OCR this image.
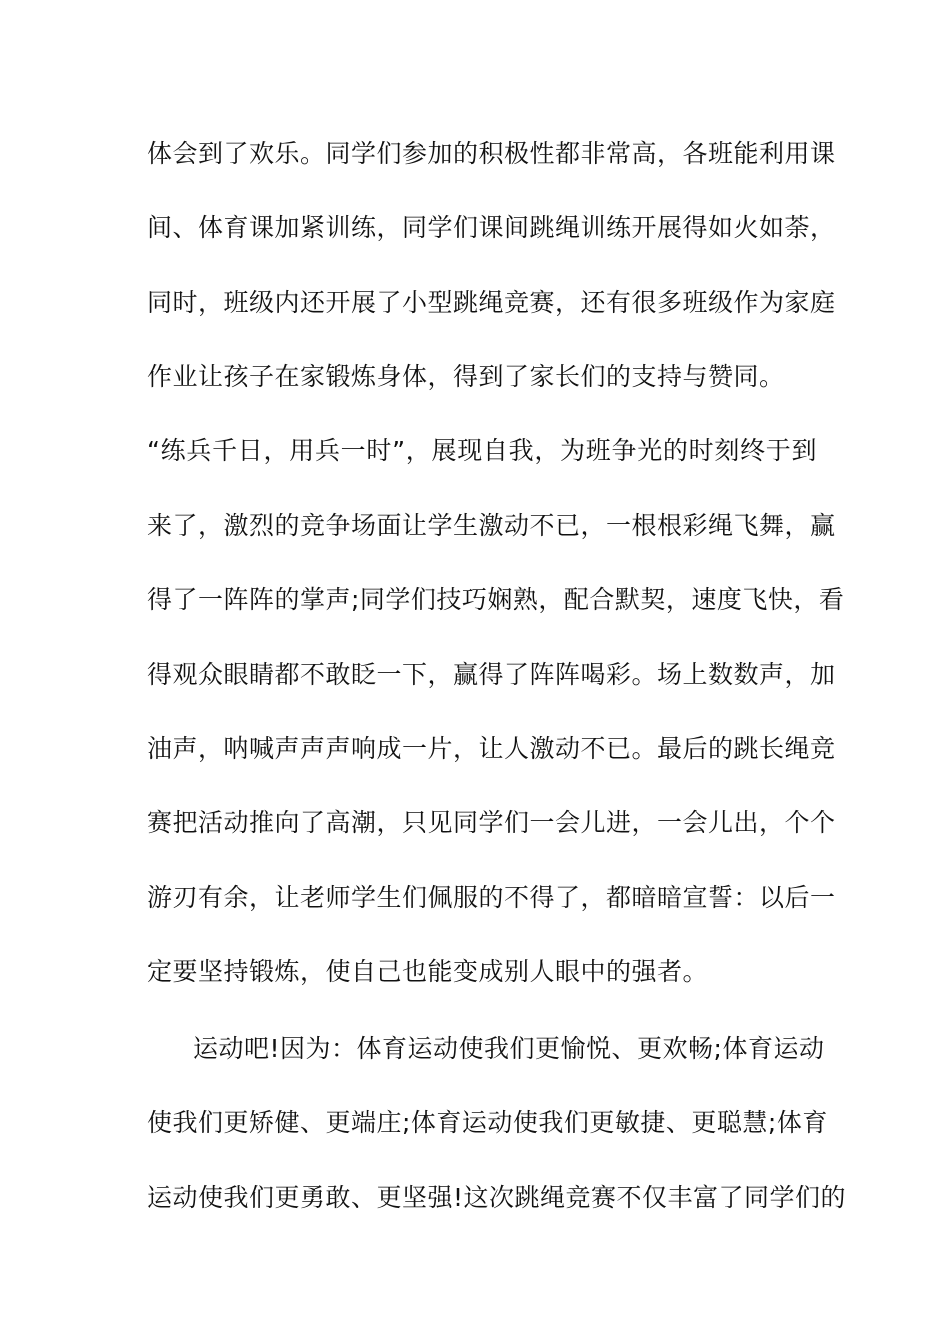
体会到了欢乐。同学们参加的积极性都非常高，各班能利用课
间、体育课加紧训练，同学们课间跳绳训练开展得如火如荼，
同时，班级内还开展了小型跳绳竞赛，还有很多班级作为家庭
作业让孩子在家锻炼身体，得到了家长们的支持与赞同。
“练兵千日，用兵一时”，展现自我，为班争光的时刻终于到
来了，激烈的竞争场面让学生激动不已，一根根彩绳飞舞，赢
得了一阵阵的掌声;同学们技巧娴熟，配合默契，速度飞快，看
得观众眼睛都不敢眨一下，赢得了阵阵喝彩。场上数数声，加
油声，呐喊声声声响成一片，让人激动不已。最后的跳长绳竞
赛把活动推向了高潮，只见同学们一会儿进，一会儿出，个个
游刃有余，让老师学生们佩服的不得了，都暗暗宣誓：以后一
定要坚持锻炼，使自己也能变成别人眼中的强者。
运动吧!因为：体育运动使我们更愉悦、更欢畅;体育运动
使我们更矫健、更端庄;体育运动使我们更敏捷、更聪慧;体育
运动使我们更勇敢、更坚强!这次跳绳竞赛不仅丰富了同学们的
